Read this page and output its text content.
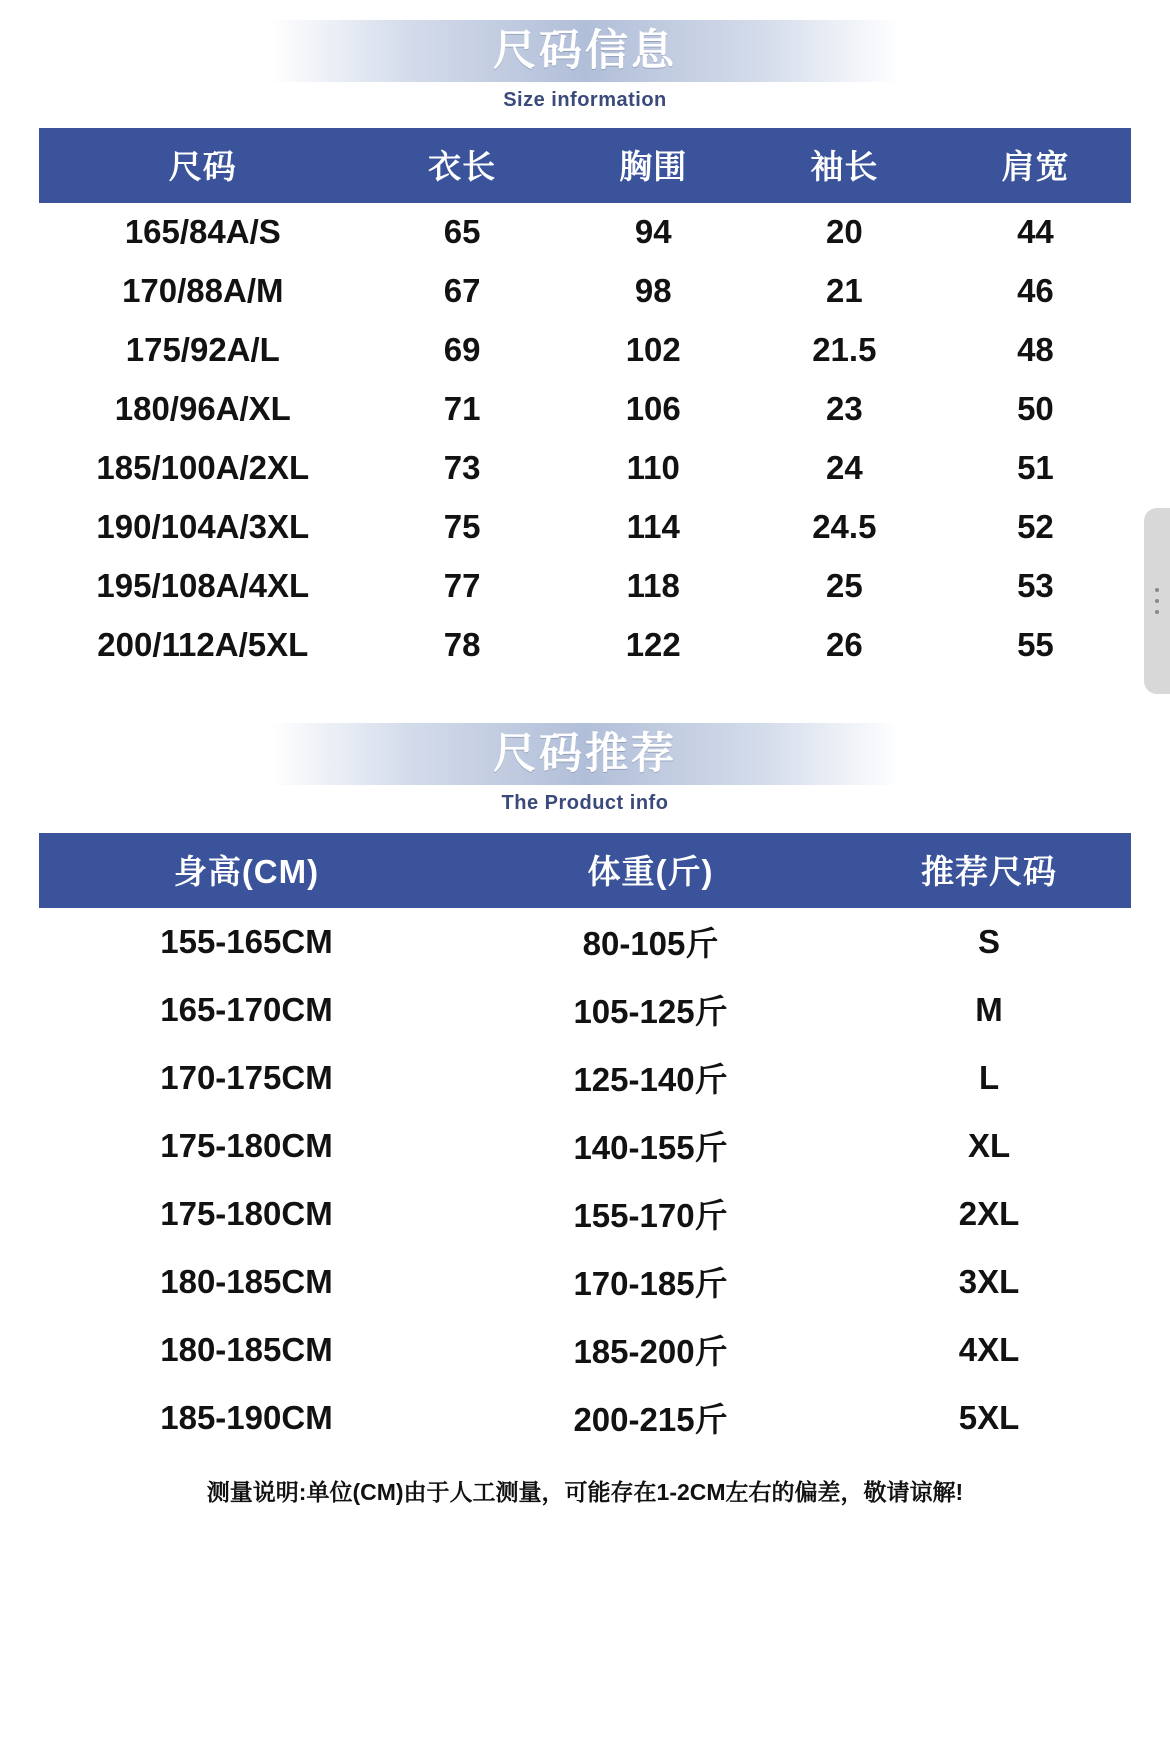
尺码信息
Size information
尺码	衣长	胸围	袖长	肩宽
165/84A/S	65	94	20	44
170/88A/M	67	98	21	46
175/92A/L	69	102	21.5	48
180/96A/XL	71	106	23	50
185/100A/2XL	73	110	24	51
190/104A/3XL	75	114	24.5	52
195/108A/4XL	77	118	25	53
200/112A/5XL	78	122	26	55
尺码推荐
The Product info
身高(CM)	体重(斤)	推荐尺码
155-165CM	80-105斤	S
165-170CM	105-125斤	M
170-175CM	125-140斤	L
175-180CM	140-155斤	XL
175-180CM	155-170斤	2XL
180-185CM	170-185斤	3XL
180-185CM	185-200斤	4XL
185-190CM	200-215斤	5XL
测量说明:单位(CM)由于人工测量，可能存在1-2CM左右的偏差，敬请谅解!
